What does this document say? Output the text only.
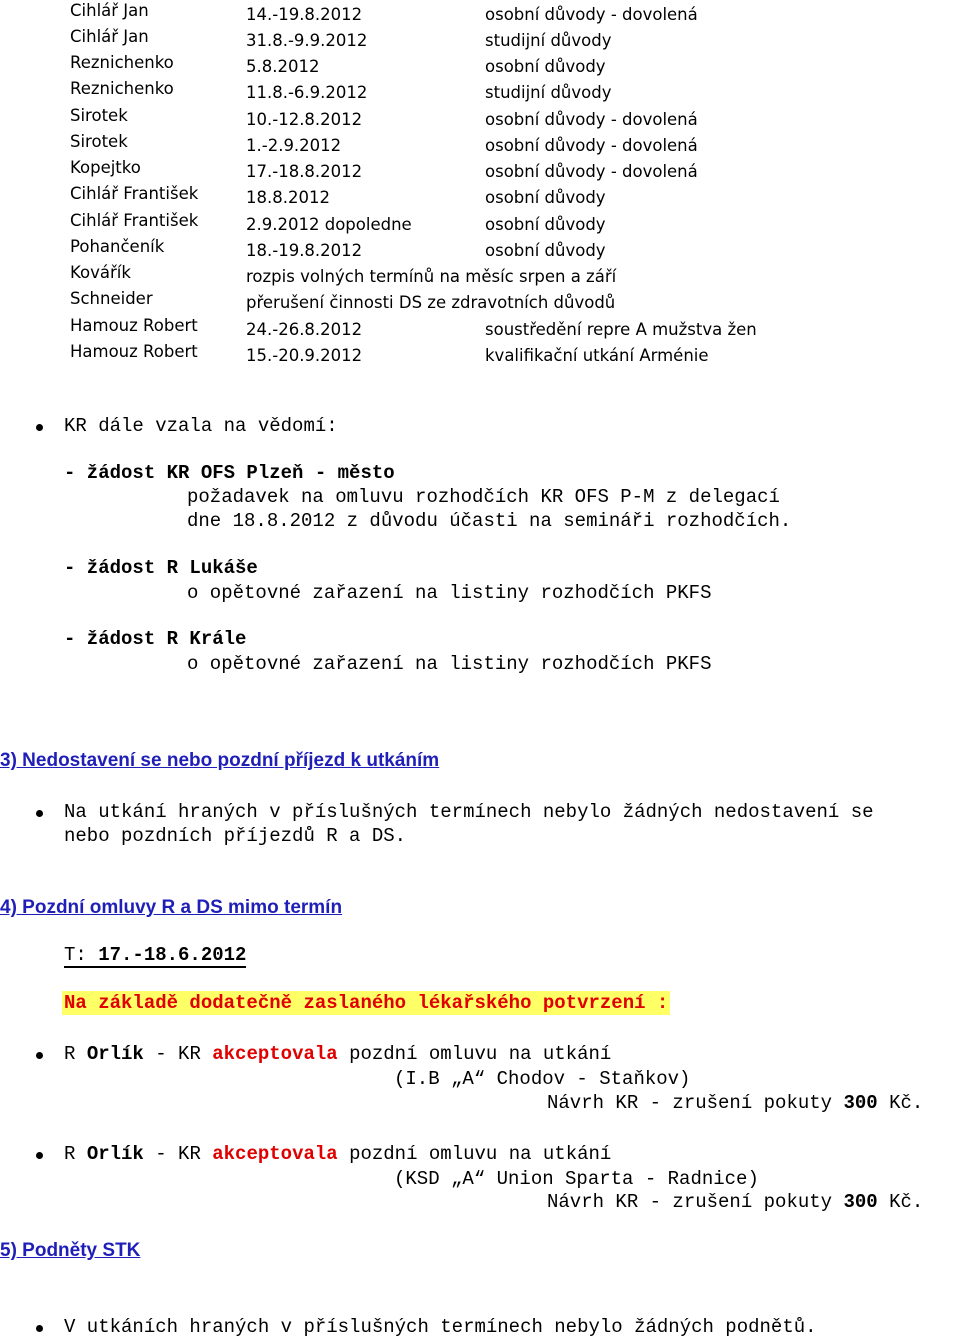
Cihlář Jan	14.-19.8.2012	osobní důvody - dovolená
Cihlář Jan	31.8.-9.9.2012	studijní důvody
Reznichenko	5.8.2012	osobní důvody
Reznichenko	11.8.-6.9.2012	studijní důvody
Sirotek	10.-12.8.2012	osobní důvody - dovolená
Sirotek	1.-2.9.2012	osobní důvody - dovolená
Kopejtko	17.-18.8.2012	osobní důvody - dovolená
Cihlář František	18.8.2012	osobní důvody
Cihlář František	2.9.2012 dopoledne	osobní důvody
Pohančeník	18.-19.8.2012	osobní důvody
Kovářík	rozpis volných termínů na měsíc srpen a září
Schneider	přerušení činnosti DS ze zdravotních důvodů
Hamouz Robert	24.-26.8.2012	soustředění repre A mužstva žen
Hamouz Robert	15.-20.9.2012	kvalifikační utkání Arménie
KR dále vzala na vědomí:
- žádost KR OFS Plzeň - město
požadavek na omluvu rozhodčích KR OFS P-M z delegací
dne 18.8.2012 z důvodu účasti na semináři rozhodčích.
- žádost R Lukáše
o opětovné zařazení na listiny rozhodčích PKFS
- žádost R Krále
o opětovné zařazení na listiny rozhodčích PKFS
3) Nedostavení se nebo pozdní příjezd k utkáním
Na utkání hraných v příslušných termínech nebylo žádných nedostavení se
nebo pozdních příjezdů R a DS.
4) Pozdní omluvy R a DS mimo termín
T: 17.-18.6.2012
Na základě dodatečně zaslaného lékařského potvrzení :
R Orlík - KR akceptovala pozdní omluvu na utkání
(I.B „A“ Chodov - Staňkov)
Návrh KR - zrušení pokuty 300 Kč.
R Orlík - KR akceptovala pozdní omluvu na utkání
(KSD „A“ Union Sparta - Radnice)
Návrh KR - zrušení pokuty 300 Kč.
5) Podněty STK
V utkáních hraných v příslušných termínech nebylo žádných podnětů.
